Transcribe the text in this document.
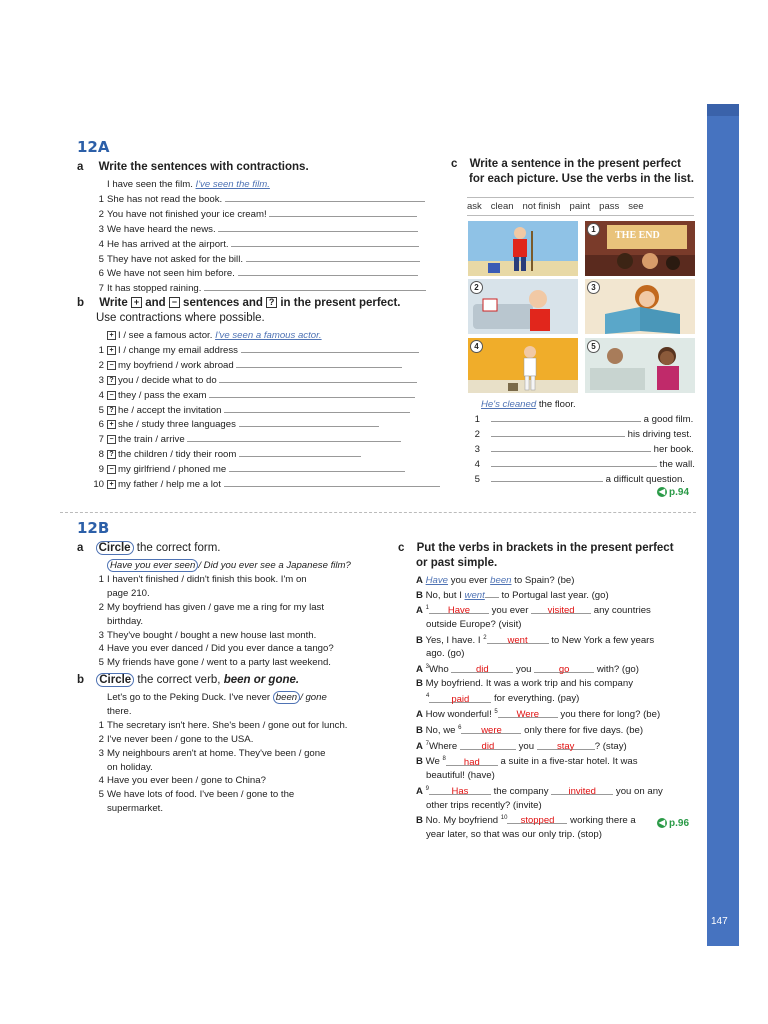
147
12A
a Write the sentences with contractions.
I have seen the film. I've seen the film.
1 She has not read the book.
2 You have not finished your ice cream!
3 We have heard the news.
4 He has arrived at the airport.
5 They have not asked for the bill.
6 We have not seen him before.
7 It has stopped raining.
b Write + and − sentences and ? in the present perfect.
Use contractions where possible.
+ I / see a famous actor. I've seen a famous actor.
1 + I / change my email address
2 − my boyfriend / work abroad
3 ? you / decide what to do
4 − they / pass the exam
5 ? he / accept the invitation
6 + she / study three languages
7 − the train / arrive
8 ? the children / tidy their room
9 − my girlfriend / phoned me
10 + my father / help me a lot
c Write a sentence in the present perfect
for each picture. Use the verbs in the list.
ask clean not finish paint pass see
THE END
1
2	3
4	5
He's cleaned the floor.
1	a good film.
2	his driving test.
3	her book.
4	the wall.
5	a difficult question.
◀ p.94
12B
a Circle the correct form.
Have you ever seen / Did you ever see a Japanese film?
1 I haven't finished / didn't finish this book. I'm on
page 210.
2 My boyfriend has given / gave me a ring for my last
birthday.
3 They've bought / bought a new house last month.
4 Have you ever danced / Did you ever dance a tango?
5 My friends have gone / went to a party last weekend.
b Circle the correct verb, been or gone.
Let's go to the Peking Duck. I've never been / gone
there.
1 The secretary isn't here. She's been / gone out for lunch.
2 I've never been / gone to the USA.
3 My neighbours aren't at home. They've been / gone
on holiday.
4 Have you ever been / gone to China?
5 We have lots of food. I've been / gone to the
supermarket.
c Put the verbs in brackets in the present perfect
or past simple.
A Have you ever been to Spain? (be)
B No, but I went to Portugal last year. (go)
A $^1$ Have you ever visited any countries
outside Europe? (visit)
B Yes, I have. I $^2$ went to New York a few years
ago. (go)
A $^3$Who	did	you	go	with? (go)
B My boyfriend. It was a work trip and his company
$^4$ paid	for everything. (pay)
A How wonderful! $^5$ Were you there for long? (be)
B No, we $^6$ were only there for five days. (be)
A $^7$Where	did	you stay ? (stay)
B We $^8$ had a suite in a five-star hotel. It was
beautiful! (have)
A $^9$ Has	the company invited you on any
other trips recently? (invite)
B No. My boyfriend $^{10}$ stopped working there a
year later, so that was our only trip. (stop)
◀ p.96
